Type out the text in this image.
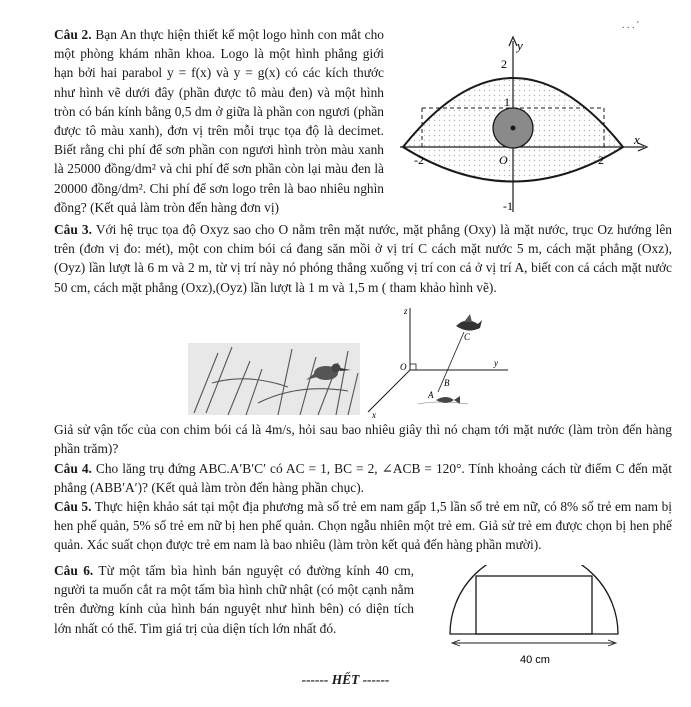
Câu 2. Bạn An thực hiện thiết kế một logo hình con mắt cho một phòng khám nhãn khoa. Logo là một hình phẳng giới hạn bởi hai parabol y = f(x) và y = g(x) có các kích thước như hình vẽ dưới đây (phần được tô màu đen) và một hình tròn có bán kính bằng 0,5 dm ở giữa là phần con ngươi (phần được tô màu xanh), đơn vị trên mỗi trục tọa độ là decimet. Biết rằng chi phí để sơn phần con ngươi hình tròn màu xanh là 25000 đồng/dm² và chi phí để sơn phần còn lại màu đen là 20000 đồng/dm². Chi phí để sơn logo trên là bao nhiêu nghìn đồng? (Kết quả làm tròn đến hàng đơn vị)

. . . '
y
x
2
1
O
-2	2
-1

Câu 3. Với hệ trục tọa độ Oxyz sao cho O nằm trên mặt nước, mặt phẳng (Oxy) là mặt nước, trục Oz hướng lên trên (đơn vị đo: mét), một con chim bói cá đang săn mồi ở vị trí C cách mặt nước 5 m, cách mặt phẳng (Oxz),(Oyz) lần lượt là 6 m và 2 m, từ vị trí này nó phóng thẳng xuống vị trí con cá ở vị trí A, biết con cá cách mặt nước 50 cm, cách mặt phẳng (Oxz),(Oyz) lần lượt là 1 m và 1,5 m ( tham khảo hình vẽ).

z
y
x
O
C
B
A

Giả sử vận tốc của con chim bói cá là 4m/s, hỏi sau bao nhiêu giây thì nó chạm tới mặt nước (làm tròn đến hàng phần trăm)?

Câu 4. Cho lăng trụ đứng ABC.A′B′C′ có AC = 1, BC = 2, ∠ACB = 120°. Tính khoảng cách từ điểm C đến mặt phẳng (ABB′A′)? (Kết quả làm tròn đến hàng phần chục).

Câu 5. Thực hiện khảo sát tại một địa phương mà số trẻ em nam gấp 1,5 lần số trẻ em nữ, có 8% số trẻ em nam bị hen phế quản, 5% số trẻ em nữ bị hen phế quản. Chọn ngẫu nhiên một trẻ em. Giả sử trẻ em được chọn bị hen phế quản. Xác suất chọn được trẻ em nam là bao nhiêu (làm tròn kết quả đến hàng phần mười).

Câu 6. Từ một tấm bìa hình bán nguyệt có đường kính 40 cm, người ta muốn cắt ra một tấm bìa hình chữ nhật (có một cạnh nằm trên đường kính của hình bán nguyệt như hình bên) có diện tích lớn nhất có thể. Tìm giá trị của diện tích lớn nhất đó.

40 cm
------ HẾT ------
